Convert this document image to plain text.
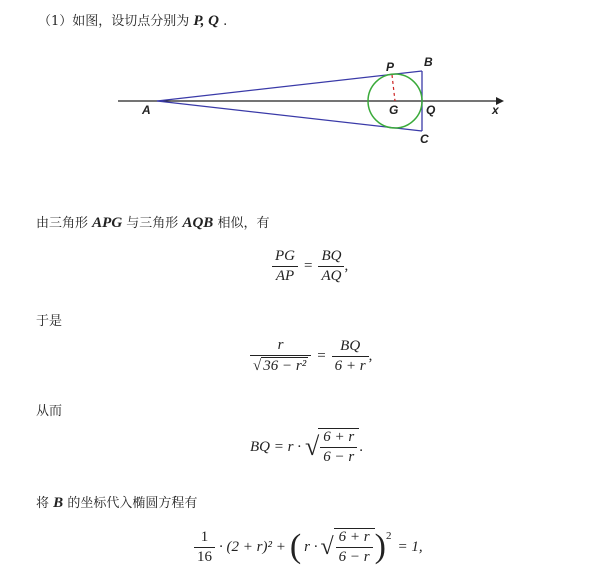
（1）如图，设切点分别为 P, Q .
A
P B
G Q
C
x
由三角形 APG 与三角形 AQB 相似，有
$\frac{PG}{AP} = \frac{BQ}{AQ}$ ,
于是
$\frac{r}{\text{√ 36 − r²}} = \frac{BQ}{6 + r}$ ,
从而
BQ = r · √ $\frac{6 + r}{6 - r}$ .
将 B 的坐标代入椭圆方程有
$\frac{1}{16} \cdot (2 + r)^2$ + ( r · √ $\frac{6 + r}{6 - r} )^2$
= 1,
